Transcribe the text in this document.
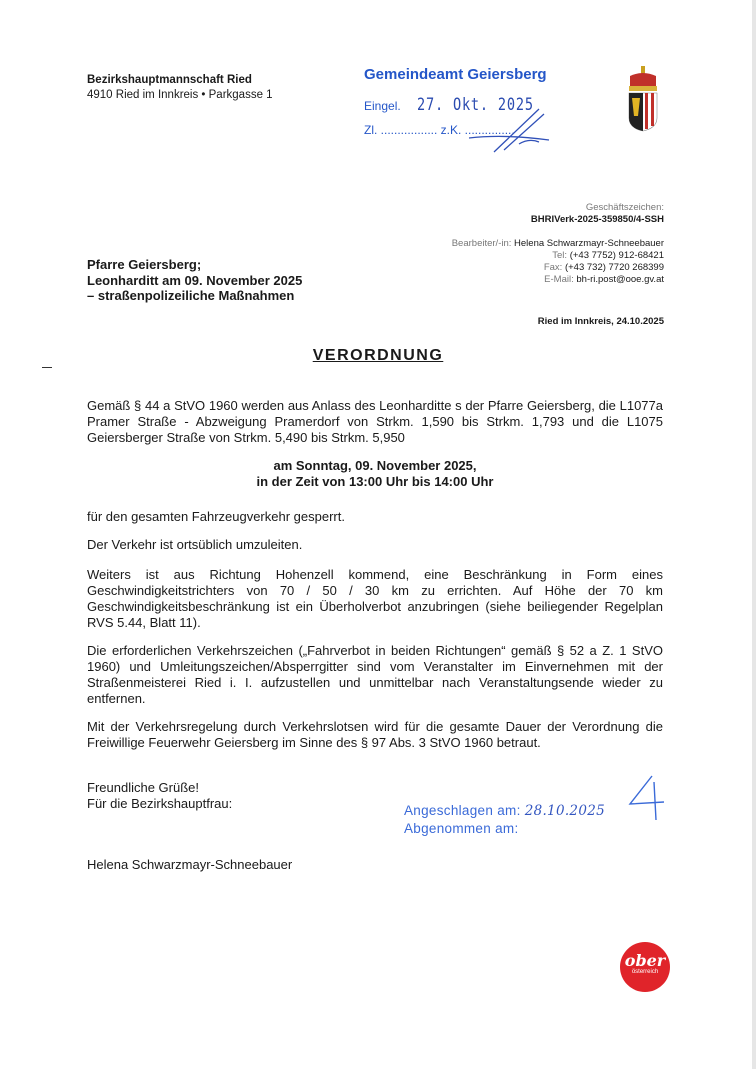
Bezirkshauptmannschaft Ried
4910 Ried im Innkreis • Parkgasse 1
Gemeindeamt Geiersberg
Eingel. 27. Okt. 2025
Zl. ................. z.K. ...............
Geschäftszeichen:
BHRIVerk-2025-359850/4-SSH
Bearbeiter/-in: Helena Schwarzmayr-Schneebauer
Tel: (+43 7752) 912-68421
Fax: (+43 732) 7720 268399
E-Mail: bh-ri.post@ooe.gv.at
Pfarre Geiersberg;
Leonharditt am 09. November 2025
– straßenpolizeiliche Maßnahmen
Ried im Innkreis, 24.10.2025
VERORDNUNG
Gemäß § 44 a StVO 1960 werden aus Anlass des Leonharditte s der Pfarre Geiersberg, die L1077a Pramer Straße - Abzweigung Pramerdorf von Strkm. 1,590 bis Strkm. 1,793 und die L1075 Geiersberger Straße von Strkm. 5,490 bis Strkm. 5,950
am Sonntag, 09. November 2025,
in der Zeit von 13:00 Uhr bis 14:00 Uhr
für den gesamten Fahrzeugverkehr gesperrt.
Der Verkehr ist ortsüblich umzuleiten.
Weiters ist aus Richtung Hohenzell kommend, eine Beschränkung in Form eines Geschwindigkeitstrichters von 70 / 50 / 30 km zu errichten. Auf Höhe der 70 km Geschwindigkeitsbeschränkung ist ein Überholverbot anzubringen (siehe beiliegender Regelplan RVS 5.44, Blatt 11).
Die erforderlichen Verkehrszeichen („Fahrverbot in beiden Richtungen“ gemäß § 52 a Z. 1 StVO 1960) und Umleitungszeichen/Absperrgitter sind vom Veranstalter im Einvernehmen mit der Straßenmeisterei Ried i. I. aufzustellen und unmittelbar nach Veranstaltungsende wieder zu entfernen.
Mit der Verkehrsregelung durch Verkehrslotsen wird für die gesamte Dauer der Verordnung die Freiwillige Feuerwehr Geiersberg im Sinne des § 97 Abs. 3 StVO 1960 betraut.
Freundliche Grüße!
Für die Bezirkshauptfrau:
Helena Schwarzmayr-Schneebauer
Angeschlagen am: 28.10.2025
Abgenommen am:
ober
österreich
